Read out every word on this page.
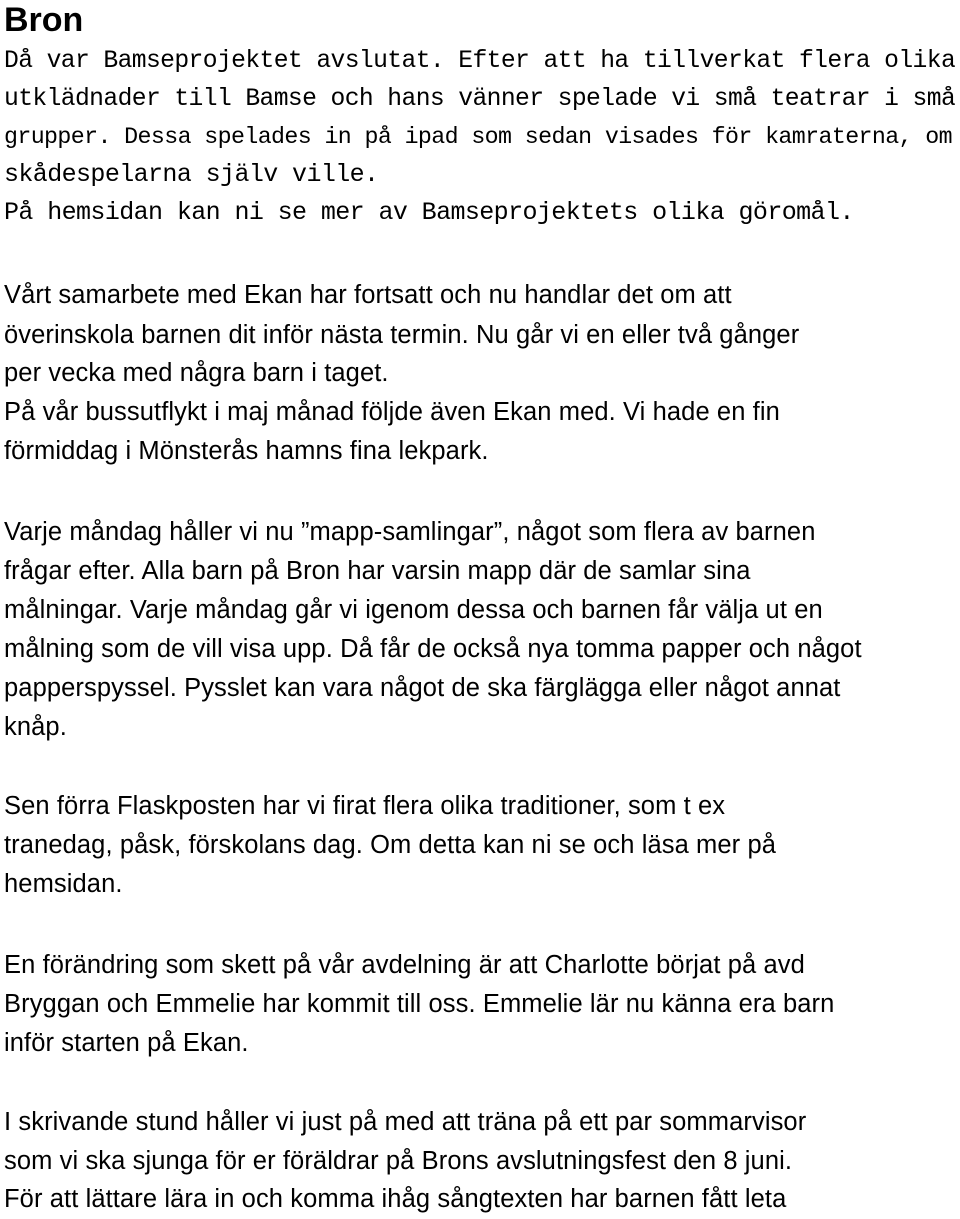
Bron

Då var Bamseprojektet avslutat. Efter att ha tillverkat flera olika

utklädnader till Bamse och hans vänner spelade vi små teatrar i små

grupper. Dessa spelades in på ipad som sedan visades för kamraterna, om

skådespelarna själv ville.

På hemsidan kan ni se mer av Bamseprojektets olika göromål.

Vårt samarbete med Ekan har fortsatt och nu handlar det om att

överinskola barnen dit inför nästa termin. Nu går vi en eller två gånger

per vecka med några barn i taget.

På vår bussutflykt i maj månad följde även Ekan med. Vi hade en fin

förmiddag i Mönsterås hamns fina lekpark.

Varje måndag håller vi nu ”mapp-samlingar”, något som flera av barnen

frågar efter. Alla barn på Bron har varsin mapp där de samlar sina

målningar. Varje måndag går vi igenom dessa och barnen får välja ut en

målning som de vill visa upp. Då får de också nya tomma papper och något

papperspyssel. Pysslet kan vara något de ska färglägga eller något annat

knåp.

Sen förra Flaskposten har vi firat flera olika traditioner, som t ex

tranedag, påsk, förskolans dag. Om detta kan ni se och läsa mer på

hemsidan.

En förändring som skett på vår avdelning är att Charlotte börjat på avd

Bryggan och Emmelie har kommit till oss. Emmelie lär nu känna era barn

inför starten på Ekan.

I skrivande stund håller vi just på med att träna på ett par sommarvisor

som vi ska sjunga för er föräldrar på Brons avslutningsfest den 8 juni.

För att lättare lära in och komma ihåg sångtexten har barnen fått leta
